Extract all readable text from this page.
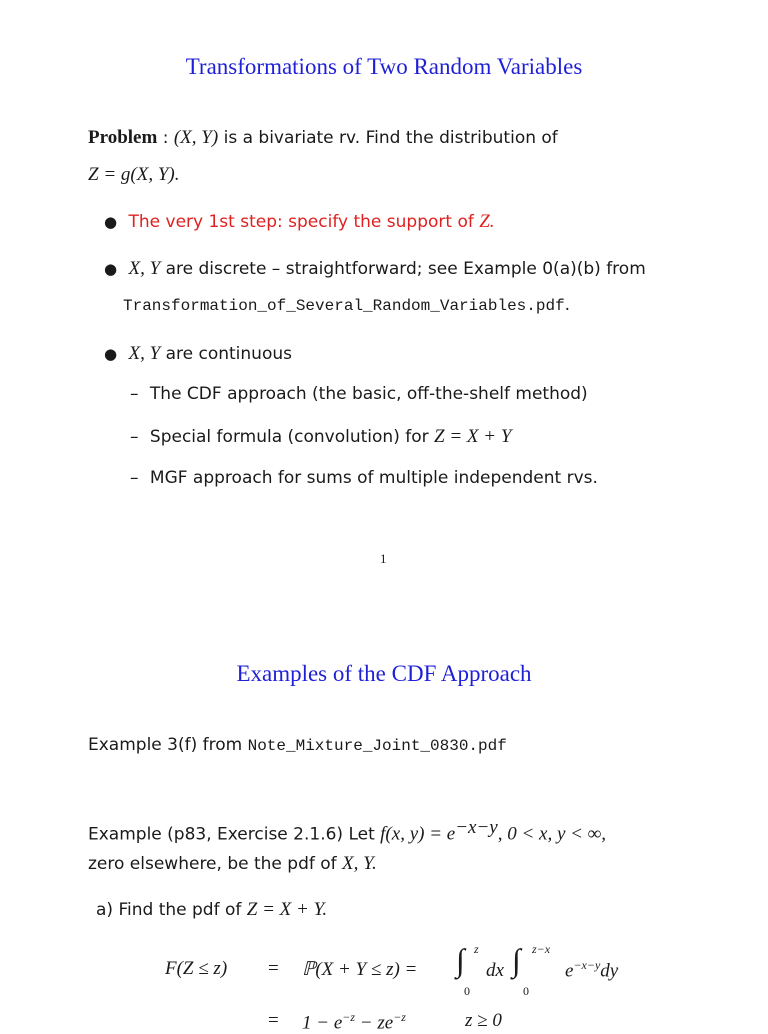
Transformations of Two Random Variables
Problem : (X, Y) is a bivariate rv. Find the distribution of
Z = g(X, Y).
● The very 1st step: specify the support of Z.
● X, Y are discrete – straightforward; see Example 0(a)(b) from
Transformation_of_Several_Random_Variables.pdf.
● X, Y are continuous
– The CDF approach (the basic, off-the-shelf method)
– Special formula (convolution) for Z = X + Y
– MGF approach for sums of multiple independent rvs.
1
Examples of the CDF Approach
Example 3(f) from Note_Mixture_Joint_0830.pdf
Example (p83, Exercise 2.1.6) Let f(x, $y) = e^{-x-y}$, 0 < x, y < ∞,
zero elsewhere, be the pdf of X, Y.
a) Find the pdf of Z = X + Y.
F(Z ≤ z) = ℙ(X + Y ≤ z) = ∫ z
0
dx ∫ z−x
0
$e^{-x-y}dy$
= $1 - e^{-z} - ze^{-z}$	z ≥ 0
